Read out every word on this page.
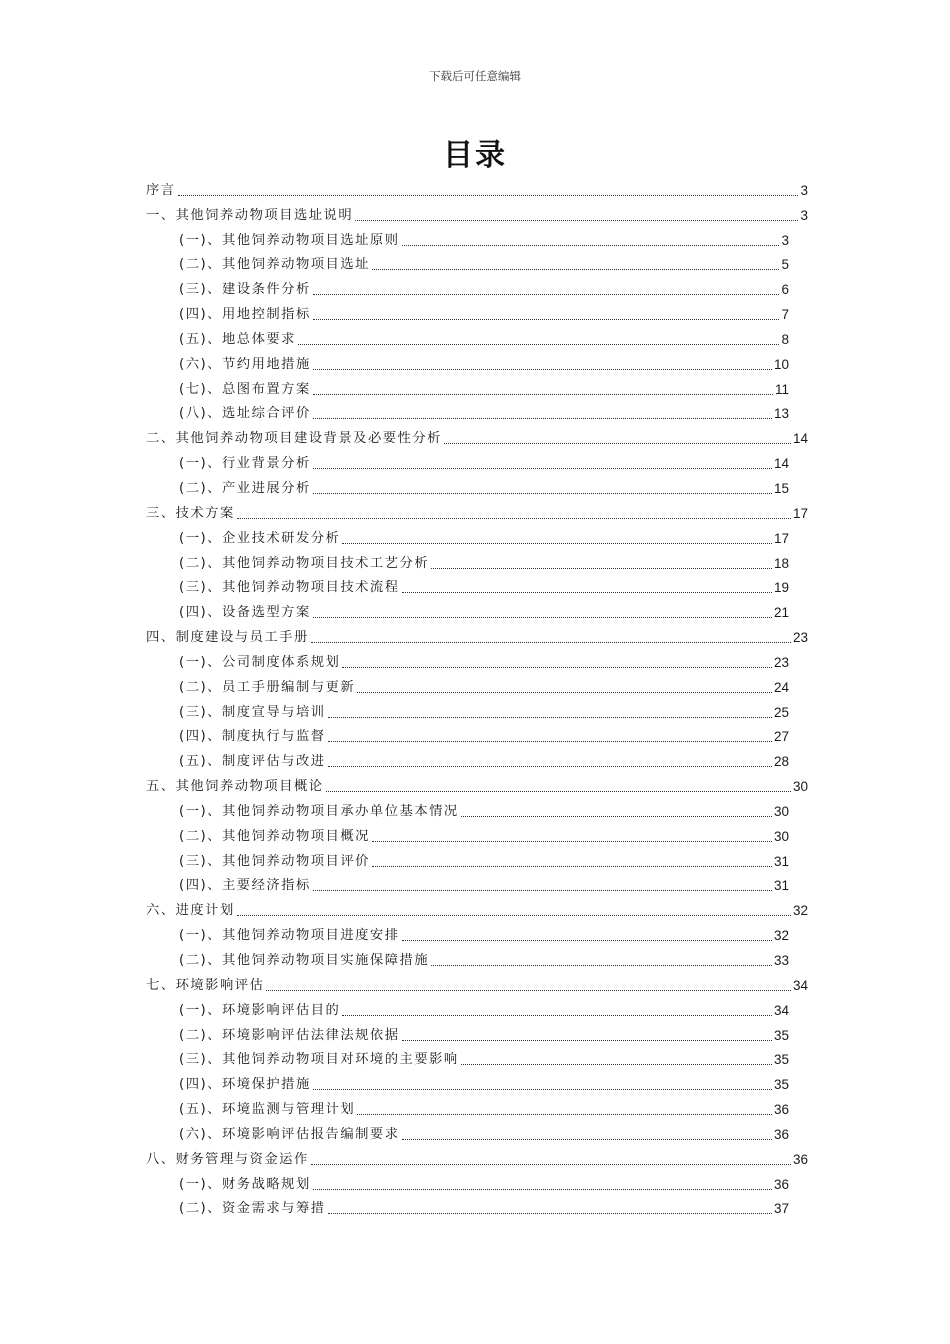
下载后可任意编辑
目录
序言	3
一、其他饲养动物项目选址说明	3
(一)、其他饲养动物项目选址原则	3
(二)、其他饲养动物项目选址	5
(三)、建设条件分析	6
(四)、用地控制指标	7
(五)、地总体要求	8
(六)、节约用地措施	10
(七)、总图布置方案	11
(八)、选址综合评价	13
二、其他饲养动物项目建设背景及必要性分析	14
(一)、行业背景分析	14
(二)、产业进展分析	15
三、技术方案	17
(一)、企业技术研发分析	17
(二)、其他饲养动物项目技术工艺分析	18
(三)、其他饲养动物项目技术流程	19
(四)、设备选型方案	21
四、制度建设与员工手册	23
(一)、公司制度体系规划	23
(二)、员工手册编制与更新	24
(三)、制度宣导与培训	25
(四)、制度执行与监督	27
(五)、制度评估与改进	28
五、其他饲养动物项目概论	30
(一)、其他饲养动物项目承办单位基本情况	30
(二)、其他饲养动物项目概况	30
(三)、其他饲养动物项目评价	31
(四)、主要经济指标	31
六、进度计划	32
(一)、其他饲养动物项目进度安排	32
(二)、其他饲养动物项目实施保障措施	33
七、环境影响评估	34
(一)、环境影响评估目的	34
(二)、环境影响评估法律法规依据	35
(三)、其他饲养动物项目对环境的主要影响	35
(四)、环境保护措施	35
(五)、环境监测与管理计划	36
(六)、环境影响评估报告编制要求	36
八、财务管理与资金运作	36
(一)、财务战略规划	36
(二)、资金需求与筹措	37
